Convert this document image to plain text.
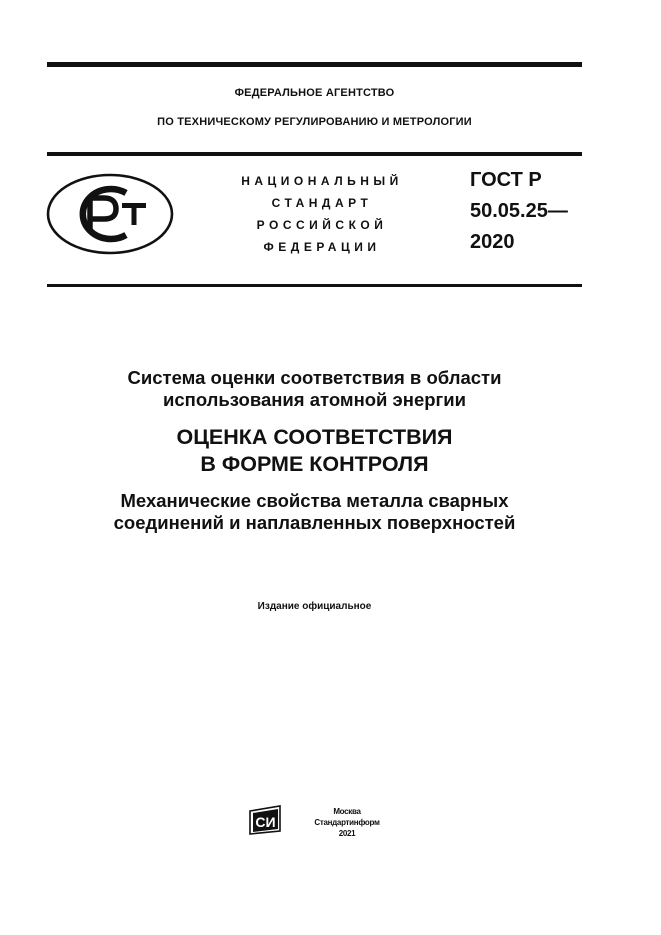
ФЕДЕРАЛЬНОЕ АГЕНТСТВО
ПО ТЕХНИЧЕСКОМУ РЕГУЛИРОВАНИЮ И МЕТРОЛОГИИ
НАЦИОНАЛЬНЫЙ
СТАНДАРТ
РОССИЙСКОЙ
ФЕДЕРАЦИИ
ГОСТ Р
50.05.25—
2020
Система оценки соответствия в области
использования атомной энергии
ОЦЕНКА СООТВЕТСТВИЯ
В ФОРМЕ КОНТРОЛЯ
Механические свойства металла сварных
соединений и наплавленных поверхностей
Издание официальное
СИ
Москва
Стандартинформ
2021
